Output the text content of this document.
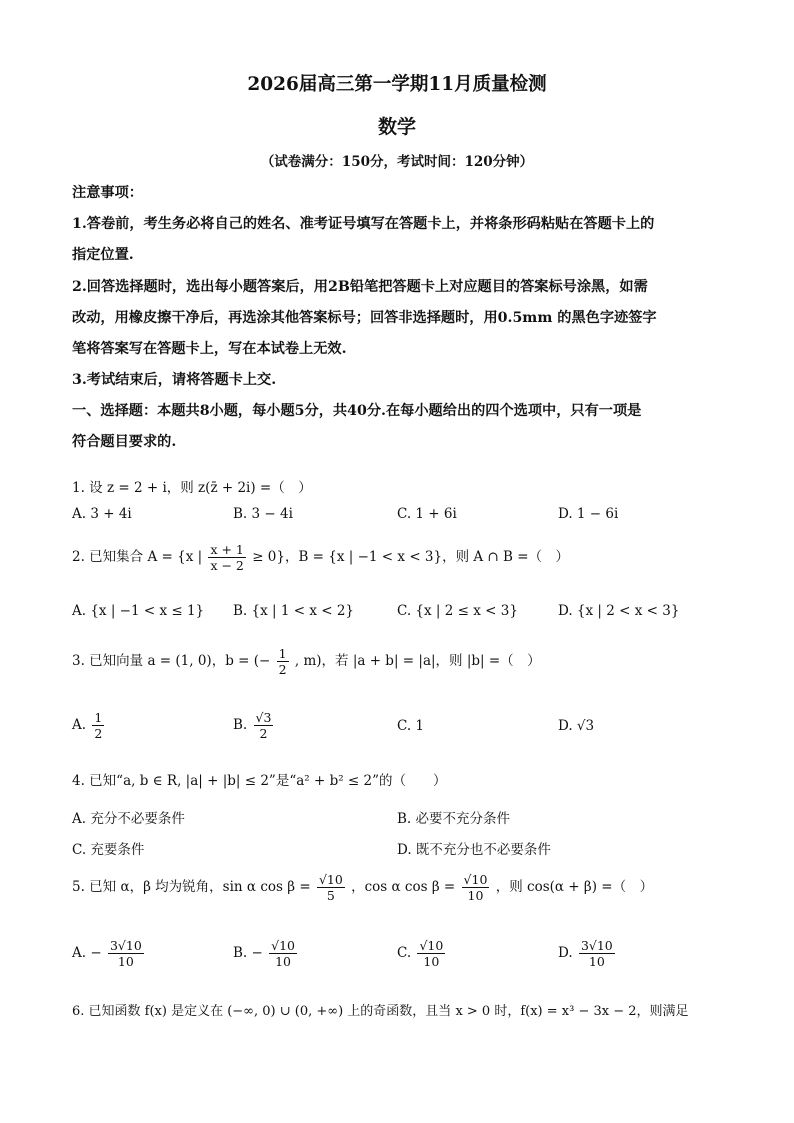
2026届高三第一学期11月质量检测
数学
（试卷满分：150分，考试时间：120分钟）
注意事项：
1.答卷前，考生务必将自己的姓名、准考证号填写在答题卡上，并将条形码粘贴在答题卡上的
指定位置.
2.回答选择题时，选出每小题答案后，用2B铅笔把答题卡上对应题目的答案标号涂黑，如需
改动，用橡皮擦干净后，再选涂其他答案标号；回答非选择题时，用0.5mm 的黑色字迹签字
笔将答案写在答题卡上，写在本试卷上无效.
3.考试结束后，请将答题卡上交.
一、选择题：本题共8小题，每小题5分，共40分.在每小题给出的四个选项中，只有一项是
符合题目要求的.
1. 设 z = 2 + i，则 z(z̄ + 2i) =（　）
A. 3 + 4i	B. 3 − 4i	C. 1 + 6i	D. 1 − 6i
2. 已知集合 A = {x | $\frac{x + 1}{x - 2} \ge 0$}，B = {x | −1 < x < 3}，则 A ∩ B =（　）
A. {x | −1 < x ≤ 1} B. {x | 1 < x < 2}	C. {x | 2 ≤ x < 3}	D. {x | 2 < x < 3}
3. 已知向量 a = (1, 0)，b = (− $\frac{1}{2}$ , m)，若 |a + b| = |a|，则 |b| =（　）
A. $\frac{1}{2}$	B. $\frac{√3}{2}$	C. 1	D. √3
4. 已知“a, b ∈ R, |a| + |b| ≤ 2”是“a² + b² ≤ 2”的（　　）
A. 充分不必要条件	B. 必要不充分条件
C. 充要条件	D. 既不充分也不必要条件
5. 已知 α，β 均为锐角，sin α $\cos \beta = \frac{√10}{5}$ ，cos α $\cos \beta = \frac{√10}{10}$ ，则 cos(α + β) =（　）
A. − $\frac{3√10}{10}$	B. − $\frac{√10}{10}$	C. $\frac{√10}{10}$	D. $\frac{3√10}{10}$
6. 已知函数 f(x) 是定义在 (−∞, 0) ∪ (0, +∞) 上的奇函数，且当 x > 0 时，f(x) = x³ − 3x − 2，则满足
